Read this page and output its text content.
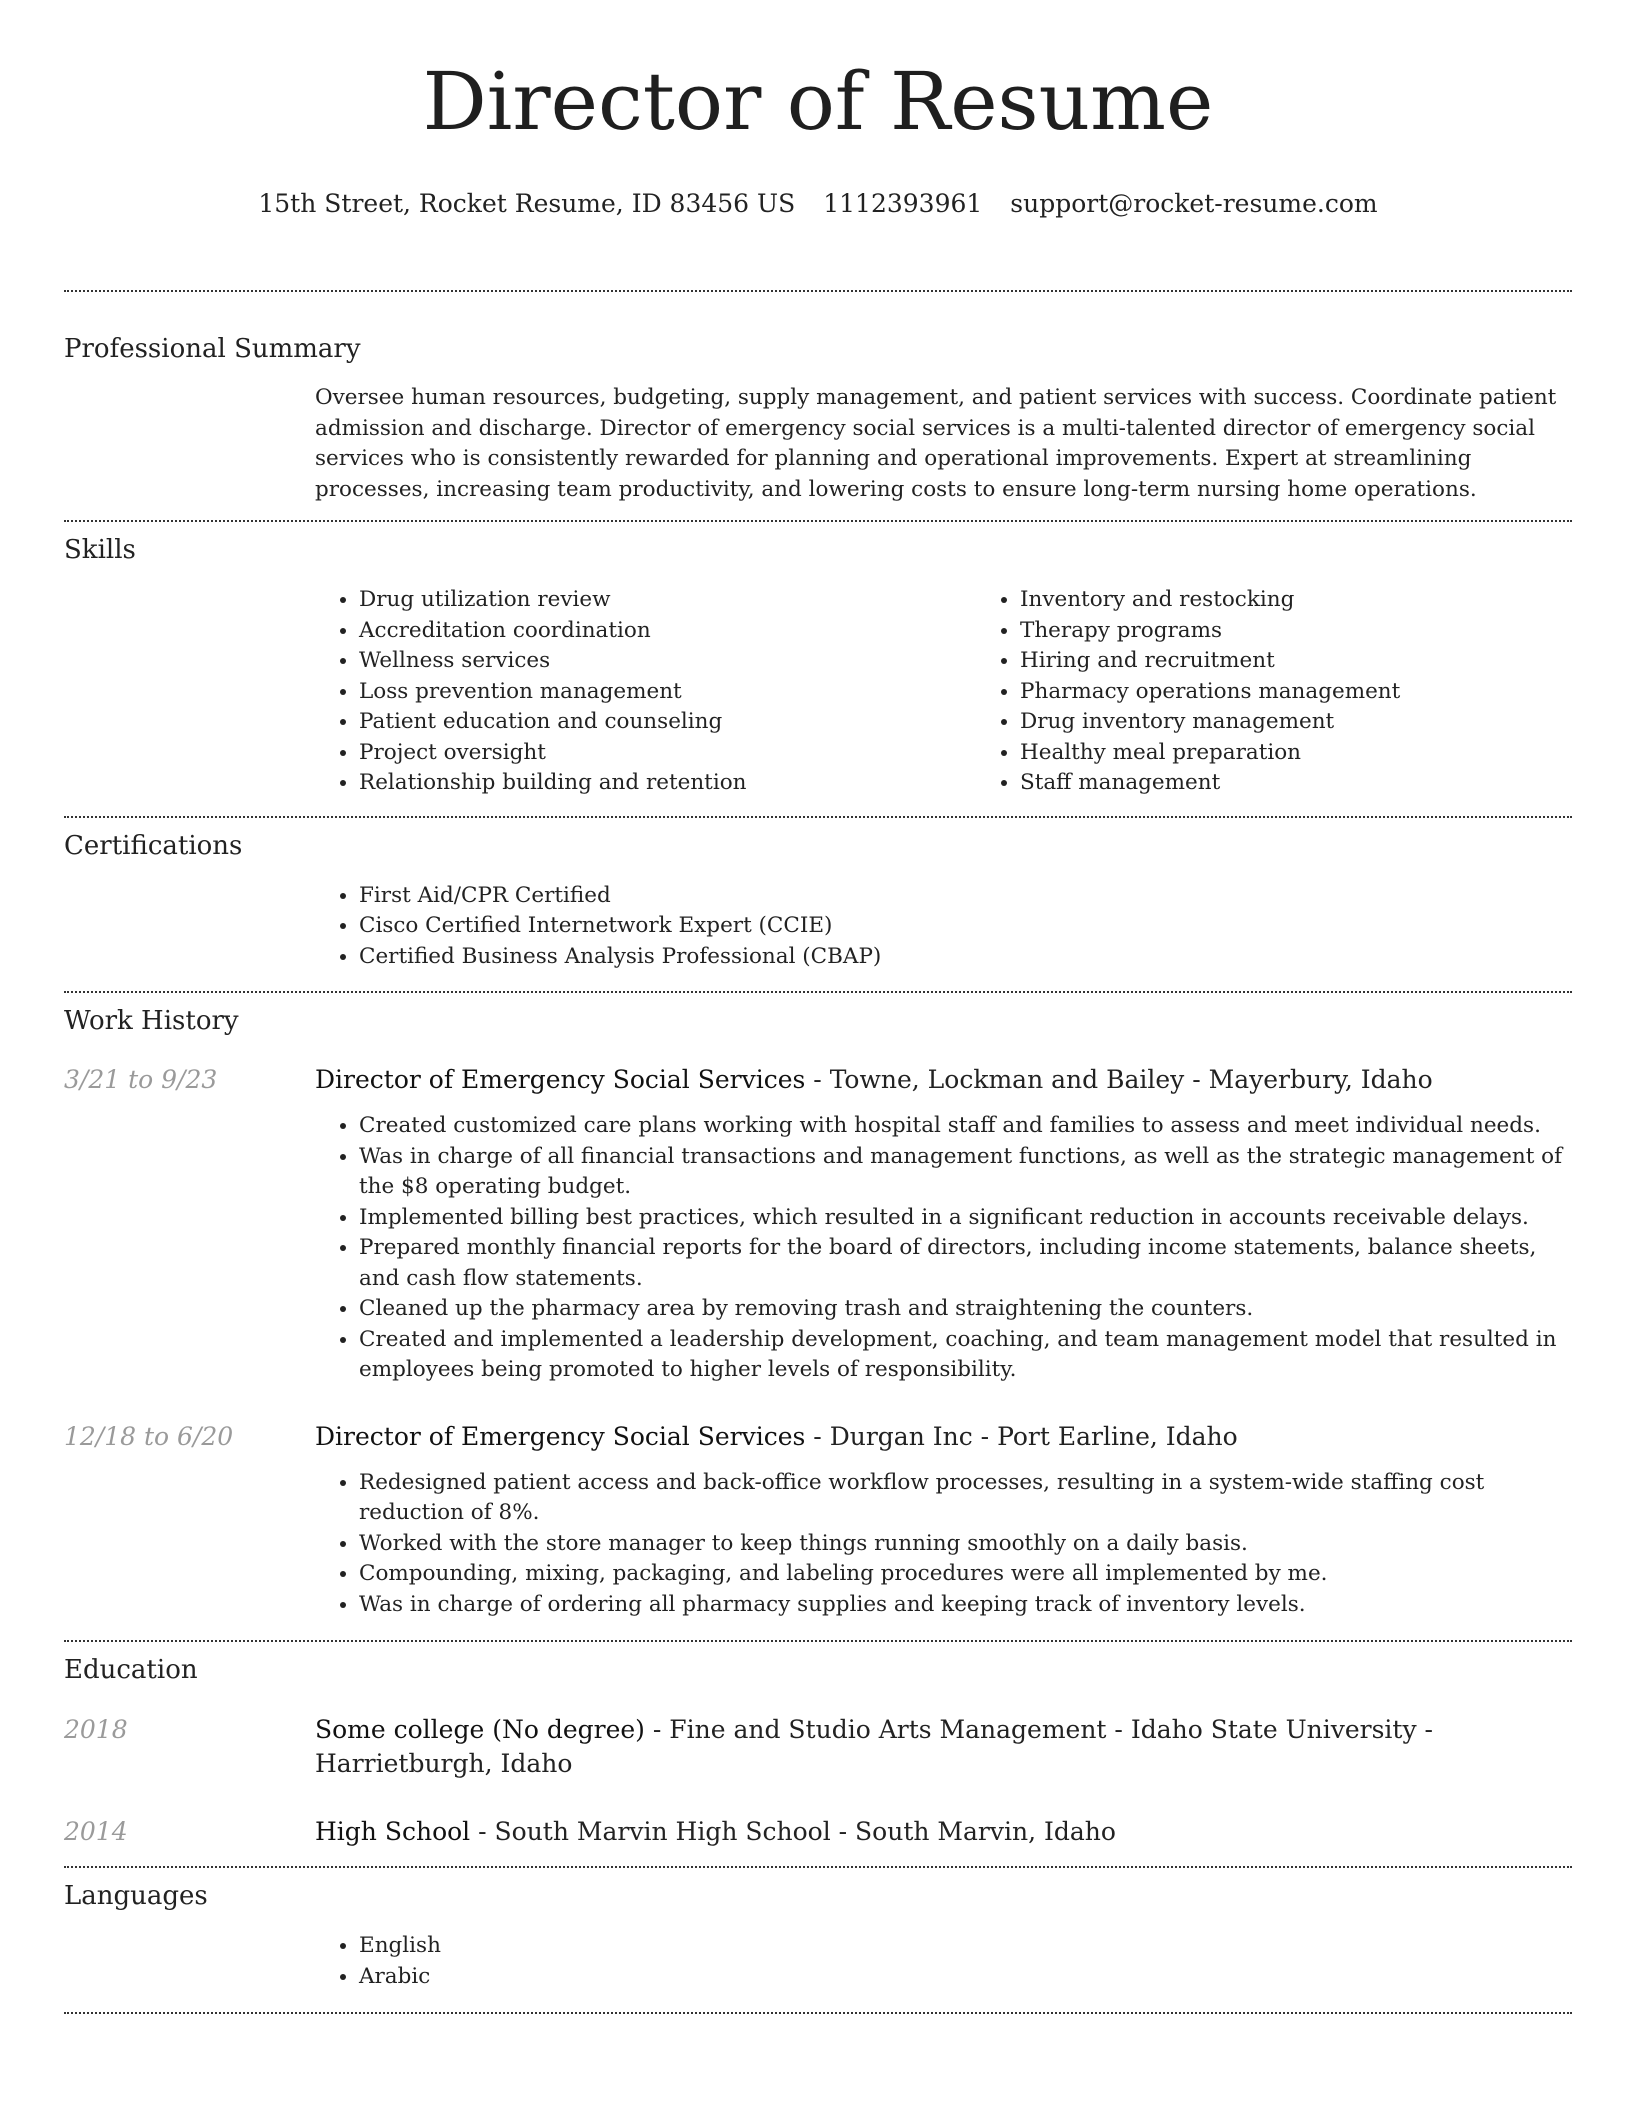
Director of Resume
15th Street, Rocket Resume, ID 83456 US 1112393961 support@rocket-resume.com
Professional Summary

Oversee human resources, budgeting, supply management, and patient services with success. Coordinate patient admission and discharge. Director of emergency social services is a multi-talented director of emergency social services who is consistently rewarded for planning and operational improvements. Expert at streamlining processes, increasing team productivity, and lowering costs to ensure long-term nursing home operations.

Skills
• Drug utilization review
• Accreditation coordination
• Wellness services
• Loss prevention management
• Patient education and counseling
• Project oversight
• Relationship building and retention
• Inventory and restocking
• Therapy programs
• Hiring and recruitment
• Pharmacy operations management
• Drug inventory management
• Healthy meal preparation
• Staff management
Certifications
• First Aid/CPR Certified
• Cisco Certified Internetwork Expert (CCIE)
• Certified Business Analysis Professional (CBAP)
Work History
3/21 to 9/23	Director of Emergency Social Services - Towne, Lockman and Bailey - Mayerbury, Idaho

• Created customized care plans working with hospital staff and families to assess and meet individual needs.
• Was in charge of all financial transactions and management functions, as well as the strategic management of the $8 operating budget.
• Implemented billing best practices, which resulted in a significant reduction in accounts receivable delays.
• Prepared monthly financial reports for the board of directors, including income statements, balance sheets, and cash flow statements.
• Cleaned up the pharmacy area by removing trash and straightening the counters.
• Created and implemented a leadership development, coaching, and team management model that resulted in employees being promoted to higher levels of responsibility.
12/18 to 6/20	Director of Emergency Social Services - Durgan Inc - Port Earline, Idaho

• Redesigned patient access and back-office workflow processes, resulting in a system-wide staffing cost reduction of 8%.
• Worked with the store manager to keep things running smoothly on a daily basis.
• Compounding, mixing, packaging, and labeling procedures were all implemented by me.
• Was in charge of ordering all pharmacy supplies and keeping track of inventory levels.
Education
2018	Some college (No degree) - Fine and Studio Arts Management - Idaho State University - Harrietburgh, Idaho

2014	High School - South Marvin High School - South Marvin, Idaho

Languages
• English
• Arabic
